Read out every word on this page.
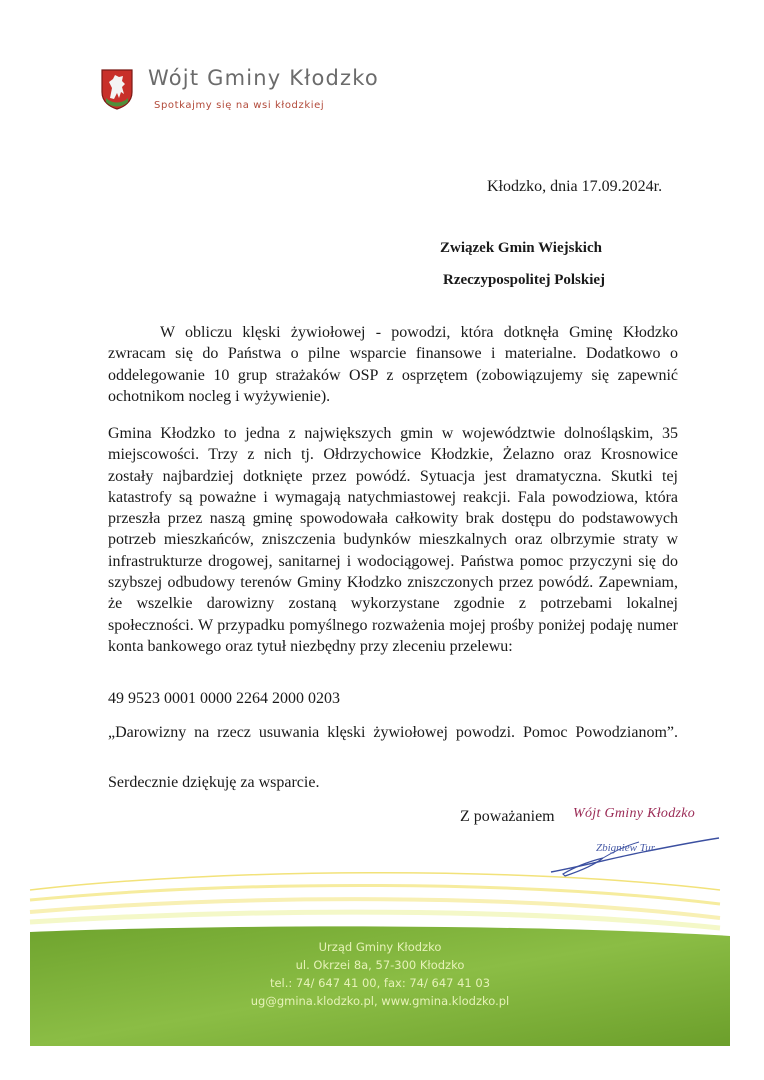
Wójt Gminy Kłodzko
Spotkajmy się na wsi kłodzkiej
Kłodzko, dnia 17.09.2024r.
Związek Gmin Wiejskich
Rzeczypospolitej Polskiej
W obliczu klęski żywiołowej - powodzi, która dotknęła Gminę Kłodzko zwracam się do Państwa o pilne wsparcie finansowe i materialne. Dodatkowo o oddelegowanie 10 grup strażaków OSP z osprzętem (zobowiązujemy się zapewnić ochotnikom nocleg i wyżywienie).
Gmina Kłodzko to jedna z największych gmin w województwie dolnośląskim, 35 miejscowości. Trzy z nich tj. Ołdrzychowice Kłodzkie, Żelazno oraz Krosnowice zostały najbardziej dotknięte przez powódź. Sytuacja jest dramatyczna. Skutki tej katastrofy są poważne i wymagają natychmiastowej reakcji. Fala powodziowa, która przeszła przez naszą gminę spowodowała całkowity brak dostępu do podstawowych potrzeb mieszkańców, zniszczenia budynków mieszkalnych oraz olbrzymie straty w infrastrukturze drogowej, sanitarnej i wodociągowej. Państwa pomoc przyczyni się do szybszej odbudowy terenów Gminy Kłodzko zniszczonych przez powódź. Zapewniam, że wszelkie darowizny zostaną wykorzystane zgodnie z potrzebami lokalnej społeczności. W przypadku pomyślnego rozważenia mojej prośby poniżej podaję numer konta bankowego oraz tytuł niezbędny przy zleceniu przelewu:
49 9523 0001 0000 2264 2000 0203
„Darowizny na rzecz usuwania klęski żywiołowej powodzi. Pomoc Powodzianom”.
Serdecznie dziękuję za wsparcie.
Z poważaniem Wójt Gminy Kłodzko
Zbigniew Tur
Urząd Gminy Kłodzko
ul. Okrzei 8a, 57-300 Kłodzko
tel.: 74/ 647 41 00, fax: 74/ 647 41 03
ug@gmina.klodzko.pl, www.gmina.klodzko.pl
